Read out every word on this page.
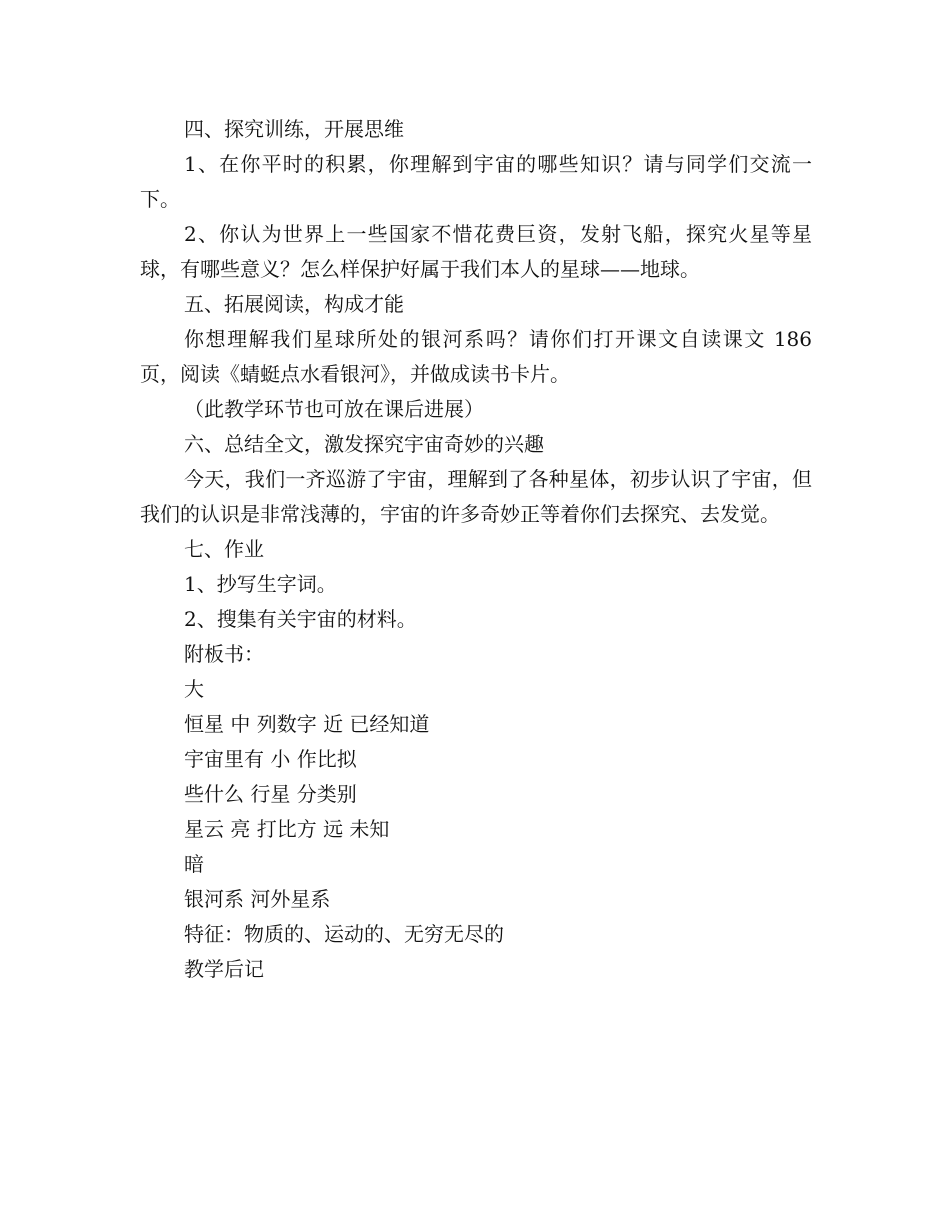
四、探究训练，开展思维

1、在你平时的积累，你理解到宇宙的哪些知识？请与同学们交流一下。

2、你认为世界上一些国家不惜花费巨资，发射飞船，探究火星等星球，有哪些意义？怎么样保护好属于我们本人的星球——地球。

五、拓展阅读，构成才能

你想理解我们星球所处的银河系吗？请你们打开课文自读课文 186 页，阅读《蜻蜓点水看银河》，并做成读书卡片。

（此教学环节也可放在课后进展）

六、总结全文，激发探究宇宙奇妙的兴趣

今天，我们一齐巡游了宇宙，理解到了各种星体，初步认识了宇宙，但我们的认识是非常浅薄的，宇宙的许多奇妙正等着你们去探究、去发觉。

七、作业

1、抄写生字词。

2、搜集有关宇宙的材料。

附板书：

大

恒星 中 列数字 近 已经知道

宇宙里有 小 作比拟

些什么 行星 分类别

星云 亮 打比方 远 未知

暗

银河系 河外星系

特征：物质的、运动的、无穷无尽的

教学后记
